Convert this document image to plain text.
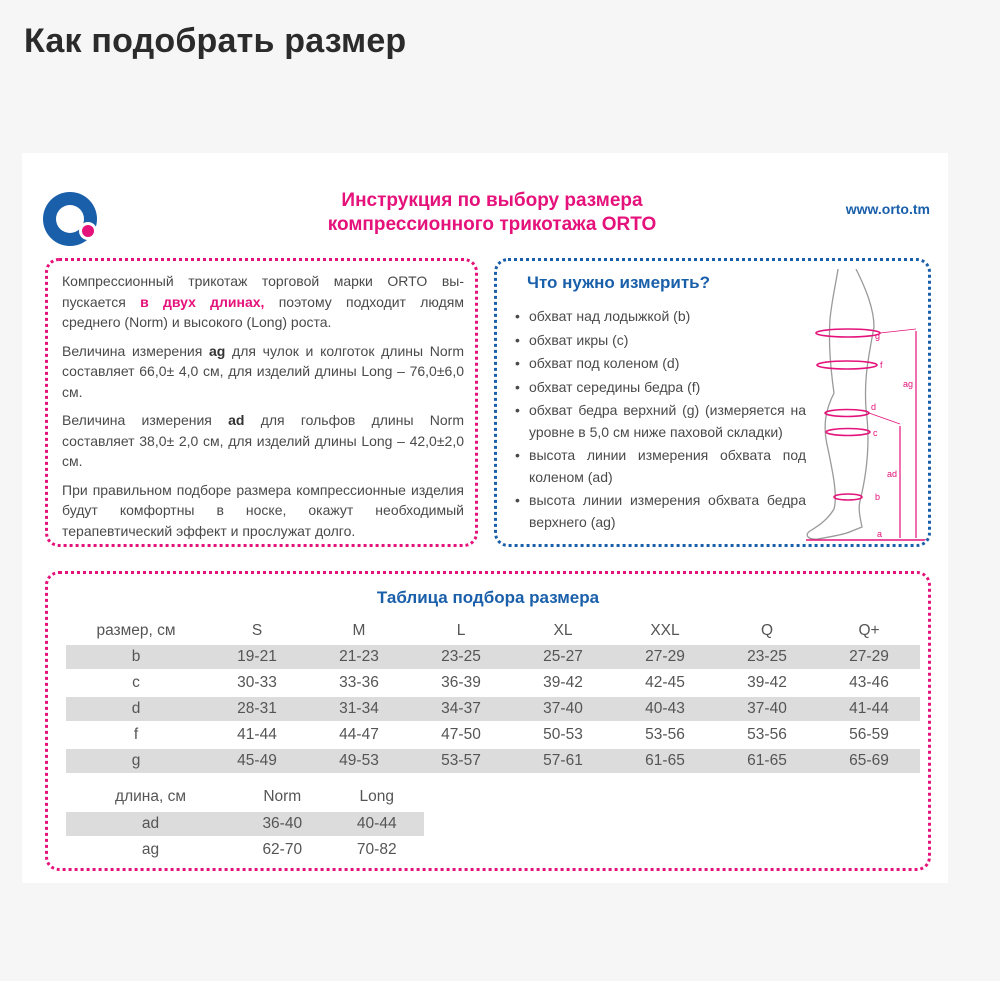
Как подобрать размер
Инструкция по выбору размера
компрессионного трикотажа ORTO
www.orto.tm

Компрессионный трикотаж торговой марки ORTO выпускается в двух длинах, поэтому подходит людям среднего (Norm) и высокого (Long) роста.

Величина измерения ag для чулок и колготок длины Norm составляет 66,0± 4,0 см, для изделий длины Long – 76,0±6,0 см.

Величина измерения ad для гольфов длины Norm составляет 38,0± 2,0 см, для изделий длины Long – 42,0±2,0 см.

При правильном подборе размера компрессионные изделия будут комфортны в носке, окажут необходимый терапевтический эффект и прослужат долго.

Что нужно измерить?
• обхват над лодыжкой (b)
• обхват икры (с)
• обхват под коленом (d)
• обхват середины бедра (f)
• обхват бедра верхний (g) (измеряется на уровне в 5,0 см ниже паховой складки)
• высота линии измерения обхвата под коленом (ad)
• высота линии измерения обхвата бедра верхнего (ag)
g
f
d
c
b
a
ag
ad
Таблица подбора размера
размер, см	S	M	L	XL	XXL	Q	Q+
b	19-21	21-23	23-25	25-27	27-29	23-25	27-29
c	30-33	33-36	36-39	39-42	42-45	39-42	43-46
d	28-31	31-34	34-37	37-40	40-43	37-40	41-44
f	41-44	44-47	47-50	50-53	53-56	53-56	56-59
g	45-49	49-53	53-57	57-61	61-65	61-65	65-69
длина, см	Norm	Long
ad	36-40	40-44
ag	62-70	70-82
